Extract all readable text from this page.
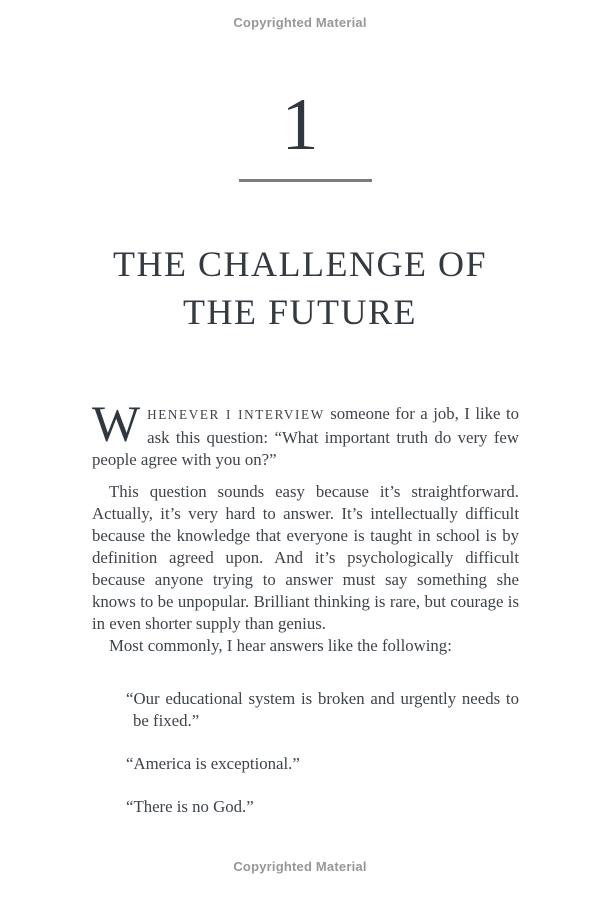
Copyrighted Material
1
THE CHALLENGE OF
THE FUTURE

WHENEVER I INTERVIEW someone for a job, I like to ask this question: “What important truth do very few people agree with you on?”

This question sounds easy because it’s straightforward. Actually, it’s very hard to answer. It’s intellectually difficult because the knowledge that everyone is taught in school is by definition agreed upon. And it’s psychologically difficult because anyone trying to answer must say something she knows to be unpopular. Brilliant thinking is rare, but courage is in even shorter supply than genius.

Most commonly, I hear answers like the following:

“Our educational system is broken and urgently needs to be fixed.”

“America is exceptional.”

“There is no God.”

Copyrighted Material
